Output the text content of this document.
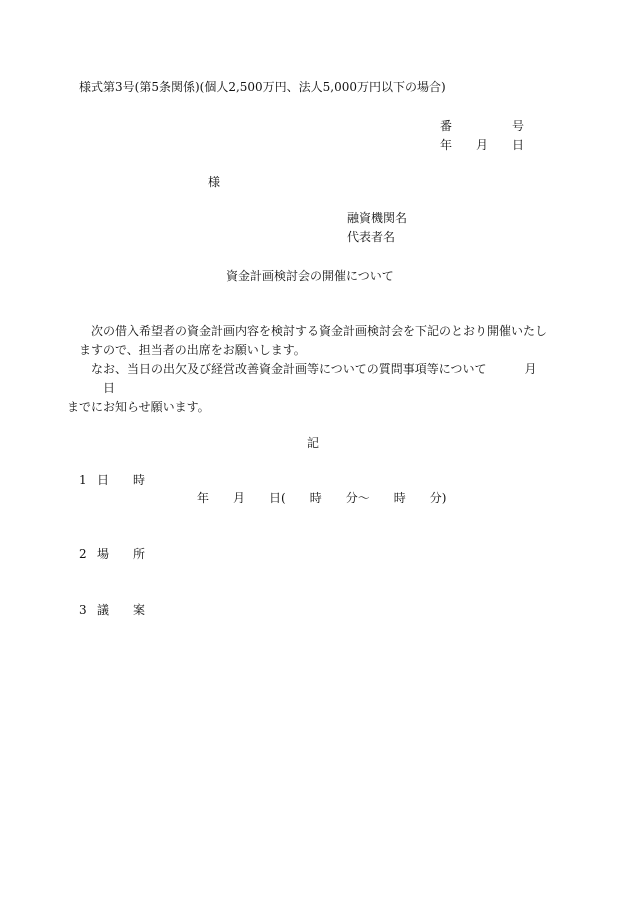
様式第3号(第5条関係)(個人2,500万円、法人5,000万円以下の場合)
番	号
年 月 日
様
融資機関名
代表者名
資金計画検討会の開催について

次の借入希望者の資金計画内容を検討する資金計画検討会を下記のとおり開催いたしますので、担当者の出席をお願いします。

なお、当日の出欠及び経営改善資金計画等についての質問事項等について	月日
までにお知らせ願います。

記
1 日 時
年 月 日( 時 分〜 時 分)
2 場 所
3 議 案
